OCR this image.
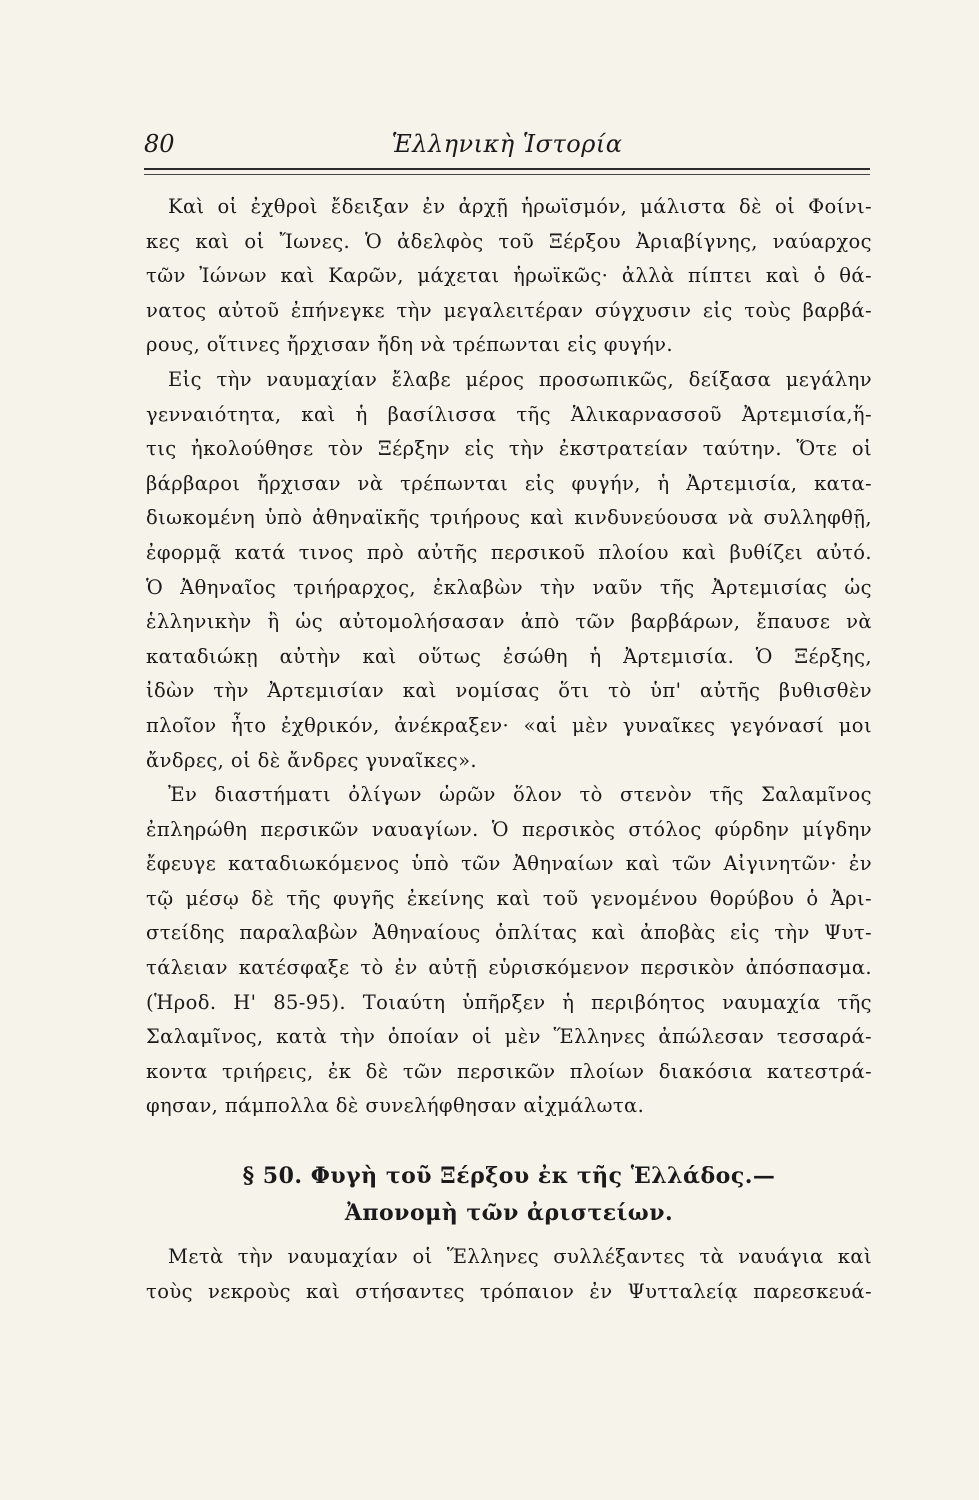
80	Ἑλληνικὴ Ἱστορία
Καὶ οἱ ἐχθροὶ ἔδειξαν ἐν ἀρχῇ ἡρωϊσμόν, μάλιστα δὲ οἱ Φοίνι-
κες καὶ οἱ Ἴωνες. Ὁ ἀδελφὸς τοῦ Ξέρξου Ἀριαβίγνης, ναύαρχος
τῶν Ἰώνων καὶ Καρῶν, μάχεται ἡρωϊκῶς· ἀλλὰ πίπτει καὶ ὁ θά-
νατος αὐτοῦ ἐπήνεγκε τὴν μεγαλειτέραν σύγχυσιν εἰς τοὺς βαρβά-
ρους, οἵτινες ἤρχισαν ἤδη νὰ τρέπωνται εἰς φυγήν.
Εἰς τὴν ναυμαχίαν ἔλαβε μέρος προσωπικῶς, δείξασα μεγάλην
γενναιότητα, καὶ ἡ βασίλισσα τῆς Ἁλικαρνασσοῦ Ἀρτεμισία,ἥ-
τις ἠκολούθησε τὸν Ξέρξην εἰς τὴν ἐκστρατείαν ταύτην. Ὅτε οἱ
βάρβαροι ἤρχισαν νὰ τρέπωνται εἰς φυγήν, ἡ Ἀρτεμισία, κατα-
διωκομένη ὑπὸ ἀθηναϊκῆς τριήρους καὶ κινδυνεύουσα νὰ συλληφθῇ,
ἐφορμᾷ κατά τινος πρὸ αὐτῆς περσικοῦ πλοίου καὶ βυθίζει αὐτό.
Ὁ Ἀθηναῖος τριήραρχος, ἐκλαβὼν τὴν ναῦν τῆς Ἀρτεμισίας ὡς
ἑλληνικὴν ἢ ὡς αὐτομολήσασαν ἀπὸ τῶν βαρβάρων, ἔπαυσε νὰ
καταδιώκῃ αὐτὴν καὶ οὕτως ἐσώθη ἡ Ἀρτεμισία. Ὁ Ξέρξης,
ἰδὼν τὴν Ἀρτεμισίαν καὶ νομίσας ὅτι τὸ ὑπ' αὐτῆς βυθισθὲν
πλοῖον ἦτο ἐχθρικόν, ἀνέκραξεν· «αἱ μὲν γυναῖκες γεγόνασί μοι
ἄνδρες, οἱ δὲ ἄνδρες γυναῖκες».
Ἐν διαστήματι ὀλίγων ὡρῶν ὅλον τὸ στενὸν τῆς Σαλαμῖνος
ἐπληρώθη περσικῶν ναυαγίων. Ὁ περσικὸς στόλος φύρδην μίγδην
ἔφευγε καταδιωκόμενος ὑπὸ τῶν Ἀθηναίων καὶ τῶν Αἰγινητῶν· ἐν
τῷ μέσῳ δὲ τῆς φυγῆς ἐκείνης καὶ τοῦ γενομένου θορύβου ὁ Ἀρι-
στείδης παραλαβὼν Ἀθηναίους ὁπλίτας καὶ ἀποβὰς εἰς τὴν Ψυτ-
τάλειαν κατέσφαξε τὸ ἐν αὐτῇ εὑρισκόμενον περσικὸν ἀπόσπασμα.
(Ἡροδ. Η' 85-95). Τοιαύτη ὑπῆρξεν ἡ περιβόητος ναυμαχία τῆς
Σαλαμῖνος, κατὰ τὴν ὁποίαν οἱ μὲν Ἕλληνες ἀπώλεσαν τεσσαρά-
κοντα τριήρεις, ἐκ δὲ τῶν περσικῶν πλοίων διακόσια κατεστρά-
φησαν, πάμπολλα δὲ συνελήφθησαν αἰχμάλωτα.
§ 50. Φυγὴ τοῦ Ξέρξου ἐκ τῆς Ἑλλάδος.—
Ἀπονομὴ τῶν ἀριστείων.
Μετὰ τὴν ναυμαχίαν οἱ Ἕλληνες συλλέξαντες τὰ ναυάγια καὶ
τοὺς νεκροὺς καὶ στήσαντες τρόπαιον ἐν Ψυτταλείᾳ παρεσκευά-
